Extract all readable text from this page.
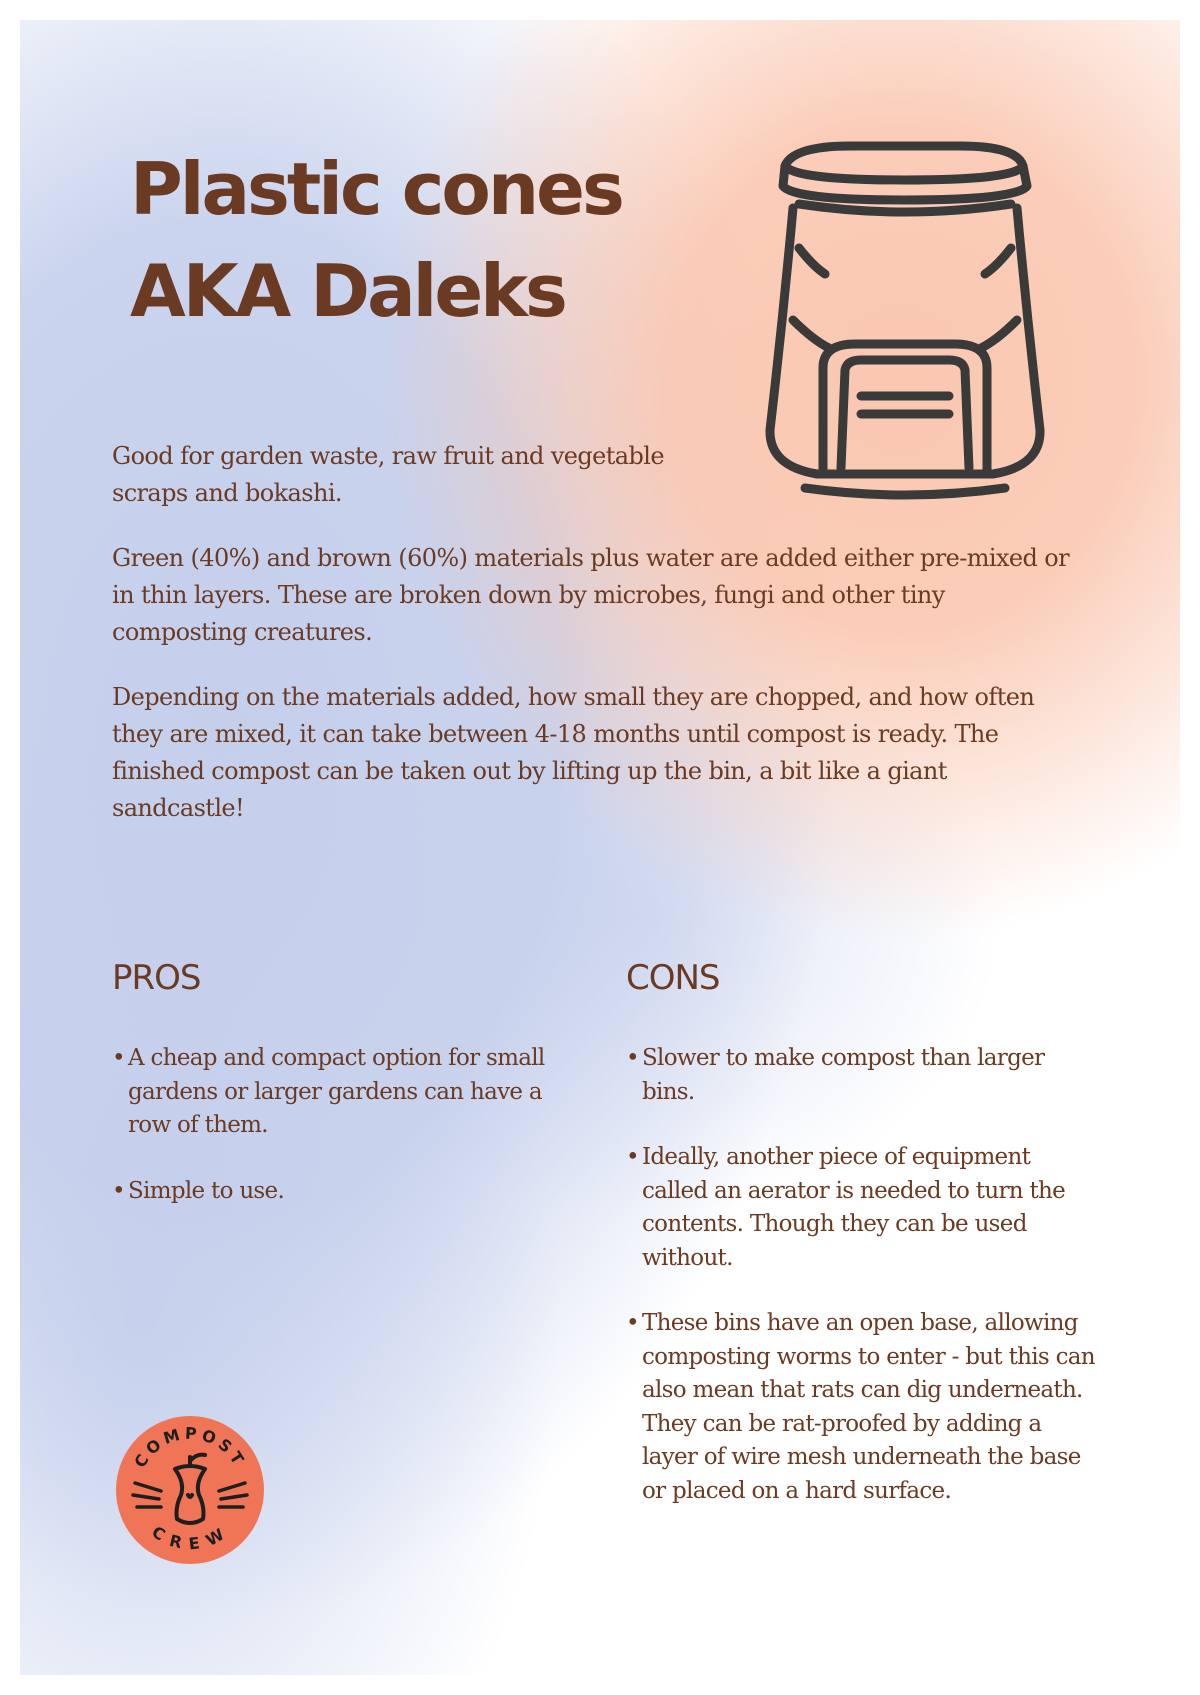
Plastic cones
AKA Daleks

Good for garden waste, raw fruit and vegetable scraps and bokashi.

Green (40%) and brown (60%) materials plus water are added either pre-mixed or in thin layers. These are broken down by microbes, fungi and other tiny composting creatures.

Depending on the materials added, how small they are chopped, and how often they are mixed, it can take between 4-18 months until compost is ready. The finished compost can be taken out by lifting up the bin, a bit like a giant sandcastle!

PROS
• A cheap and compact option for small gardens or larger gardens can have a row of them.
• Simple to use.
CONS
• Slower to make compost than larger bins.
• Ideally, another piece of equipment called an aerator is needed to turn the contents. Though they can be used without.
• These bins have an open base, allowing composting worms to enter - but this can also mean that rats can dig underneath. They can be rat-proofed by adding a layer of wire mesh underneath the base or placed on a hard surface.
COMPOST
CREW
